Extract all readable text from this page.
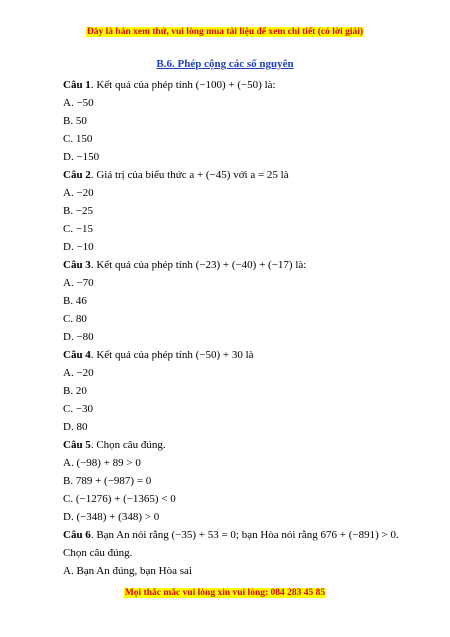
Đây là bản xem thử, vui lòng mua tài liệu để xem chi tiết (có lời giải)
B.6. Phép cộng các số nguyên
Câu 1. Kết quả của phép tính (−100) + (−50) là:
A. −50
B. 50
C. 150
D. −150
Câu 2. Giá trị của biểu thức a + (−45) với a = 25 là
A. −20
B. −25
C. −15
D. −10
Câu 3. Kết quả của phép tính (−23) + (−40) + (−17) là:
A. −70
B. 46
C. 80
D. −80
Câu 4. Kết quả của phép tính (−50) + 30 là
A. −20
B. 20
C. −30
D. 80
Câu 5. Chọn câu đúng.
A. (−98) + 89 > 0
B. 789 + (−987) = 0
C. (−1276) + (−1365) < 0
D. (−348) + (348) > 0
Câu 6. Bạn An nói rằng (−35) + 53 = 0; bạn Hòa nói rằng 676 + (−891) > 0.
Chọn câu đúng.
A. Bạn An đúng, bạn Hòa sai
Mọi thắc mắc vui lòng xin vui lòng: 084 283 45 85
